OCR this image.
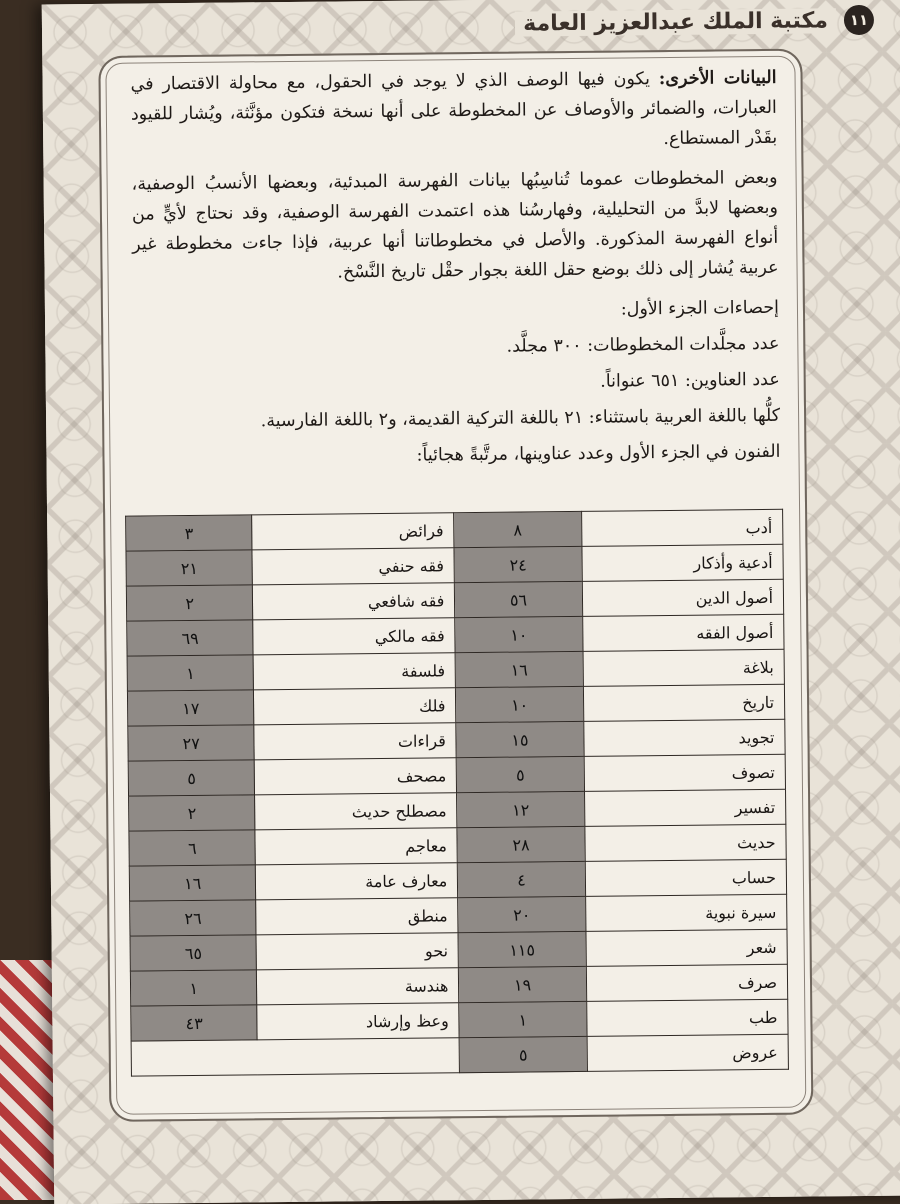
١١
مكتبة الملك عبدالعزيز العامة

البيانات الأخرى: يكون فيها الوصف الذي لا يوجد في الحقول، مع محاولة الاقتصار في العبارات، والضمائر والأوصاف عن المخطوطة على أنها نسخة فتكون مؤنَّثة، ويُشار للقيود بقَدْر المستطاع.

وبعض المخطوطات عموما تُناسِبُها بيانات الفهرسة المبدئية، وبعضها الأنسبُ الوصفية، وبعضها لابدَّ من التحليلية، وفهارسُنا هذه اعتمدت الفهرسة الوصفية، وقد نحتاج لأيٍّ من أنواع الفهرسة المذكورة. والأصل في مخطوطاتنا أنها عربية، فإذا جاءت مخطوطة غير عربية يُشار إلى ذلك بوضع حقل اللغة بجوار حقْل تاريخ النَّسْخ.

إحصاءات الجزء الأول:

عدد مجلَّدات المخطوطات: ٣٠٠ مجلَّد.

عدد العناوين: ٦٥١ عنواناً.

كلُّها باللغة العربية باستثناء: ٢١ باللغة التركية القديمة، و٢ باللغة الفارسية.

الفنون في الجزء الأول وعدد عناوينها، مرتَّبةً هجائياً:

أدب	٨	فرائض	٣
أدعية وأذكار	٢٤	فقه حنفي	٢١
أصول الدين	٥٦	فقه شافعي	٢
أصول الفقه	١٠	فقه مالكي	٦٩
بلاغة	١٦	فلسفة	١
تاريخ	١٠	فلك	١٧
تجويد	١٥	قراءات	٢٧
تصوف	٥	مصحف	٥
تفسير	١٢	مصطلح حديث	٢
حديث	٢٨	معاجم	٦
حساب	٤	معارف عامة	١٦
سيرة نبوية	٢٠	منطق	٢٦
شعر	١١٥	نحو	٦٥
صرف	١٩	هندسة	١
طب	١	وعظ وإرشاد	٤٣
عروض	٥		
